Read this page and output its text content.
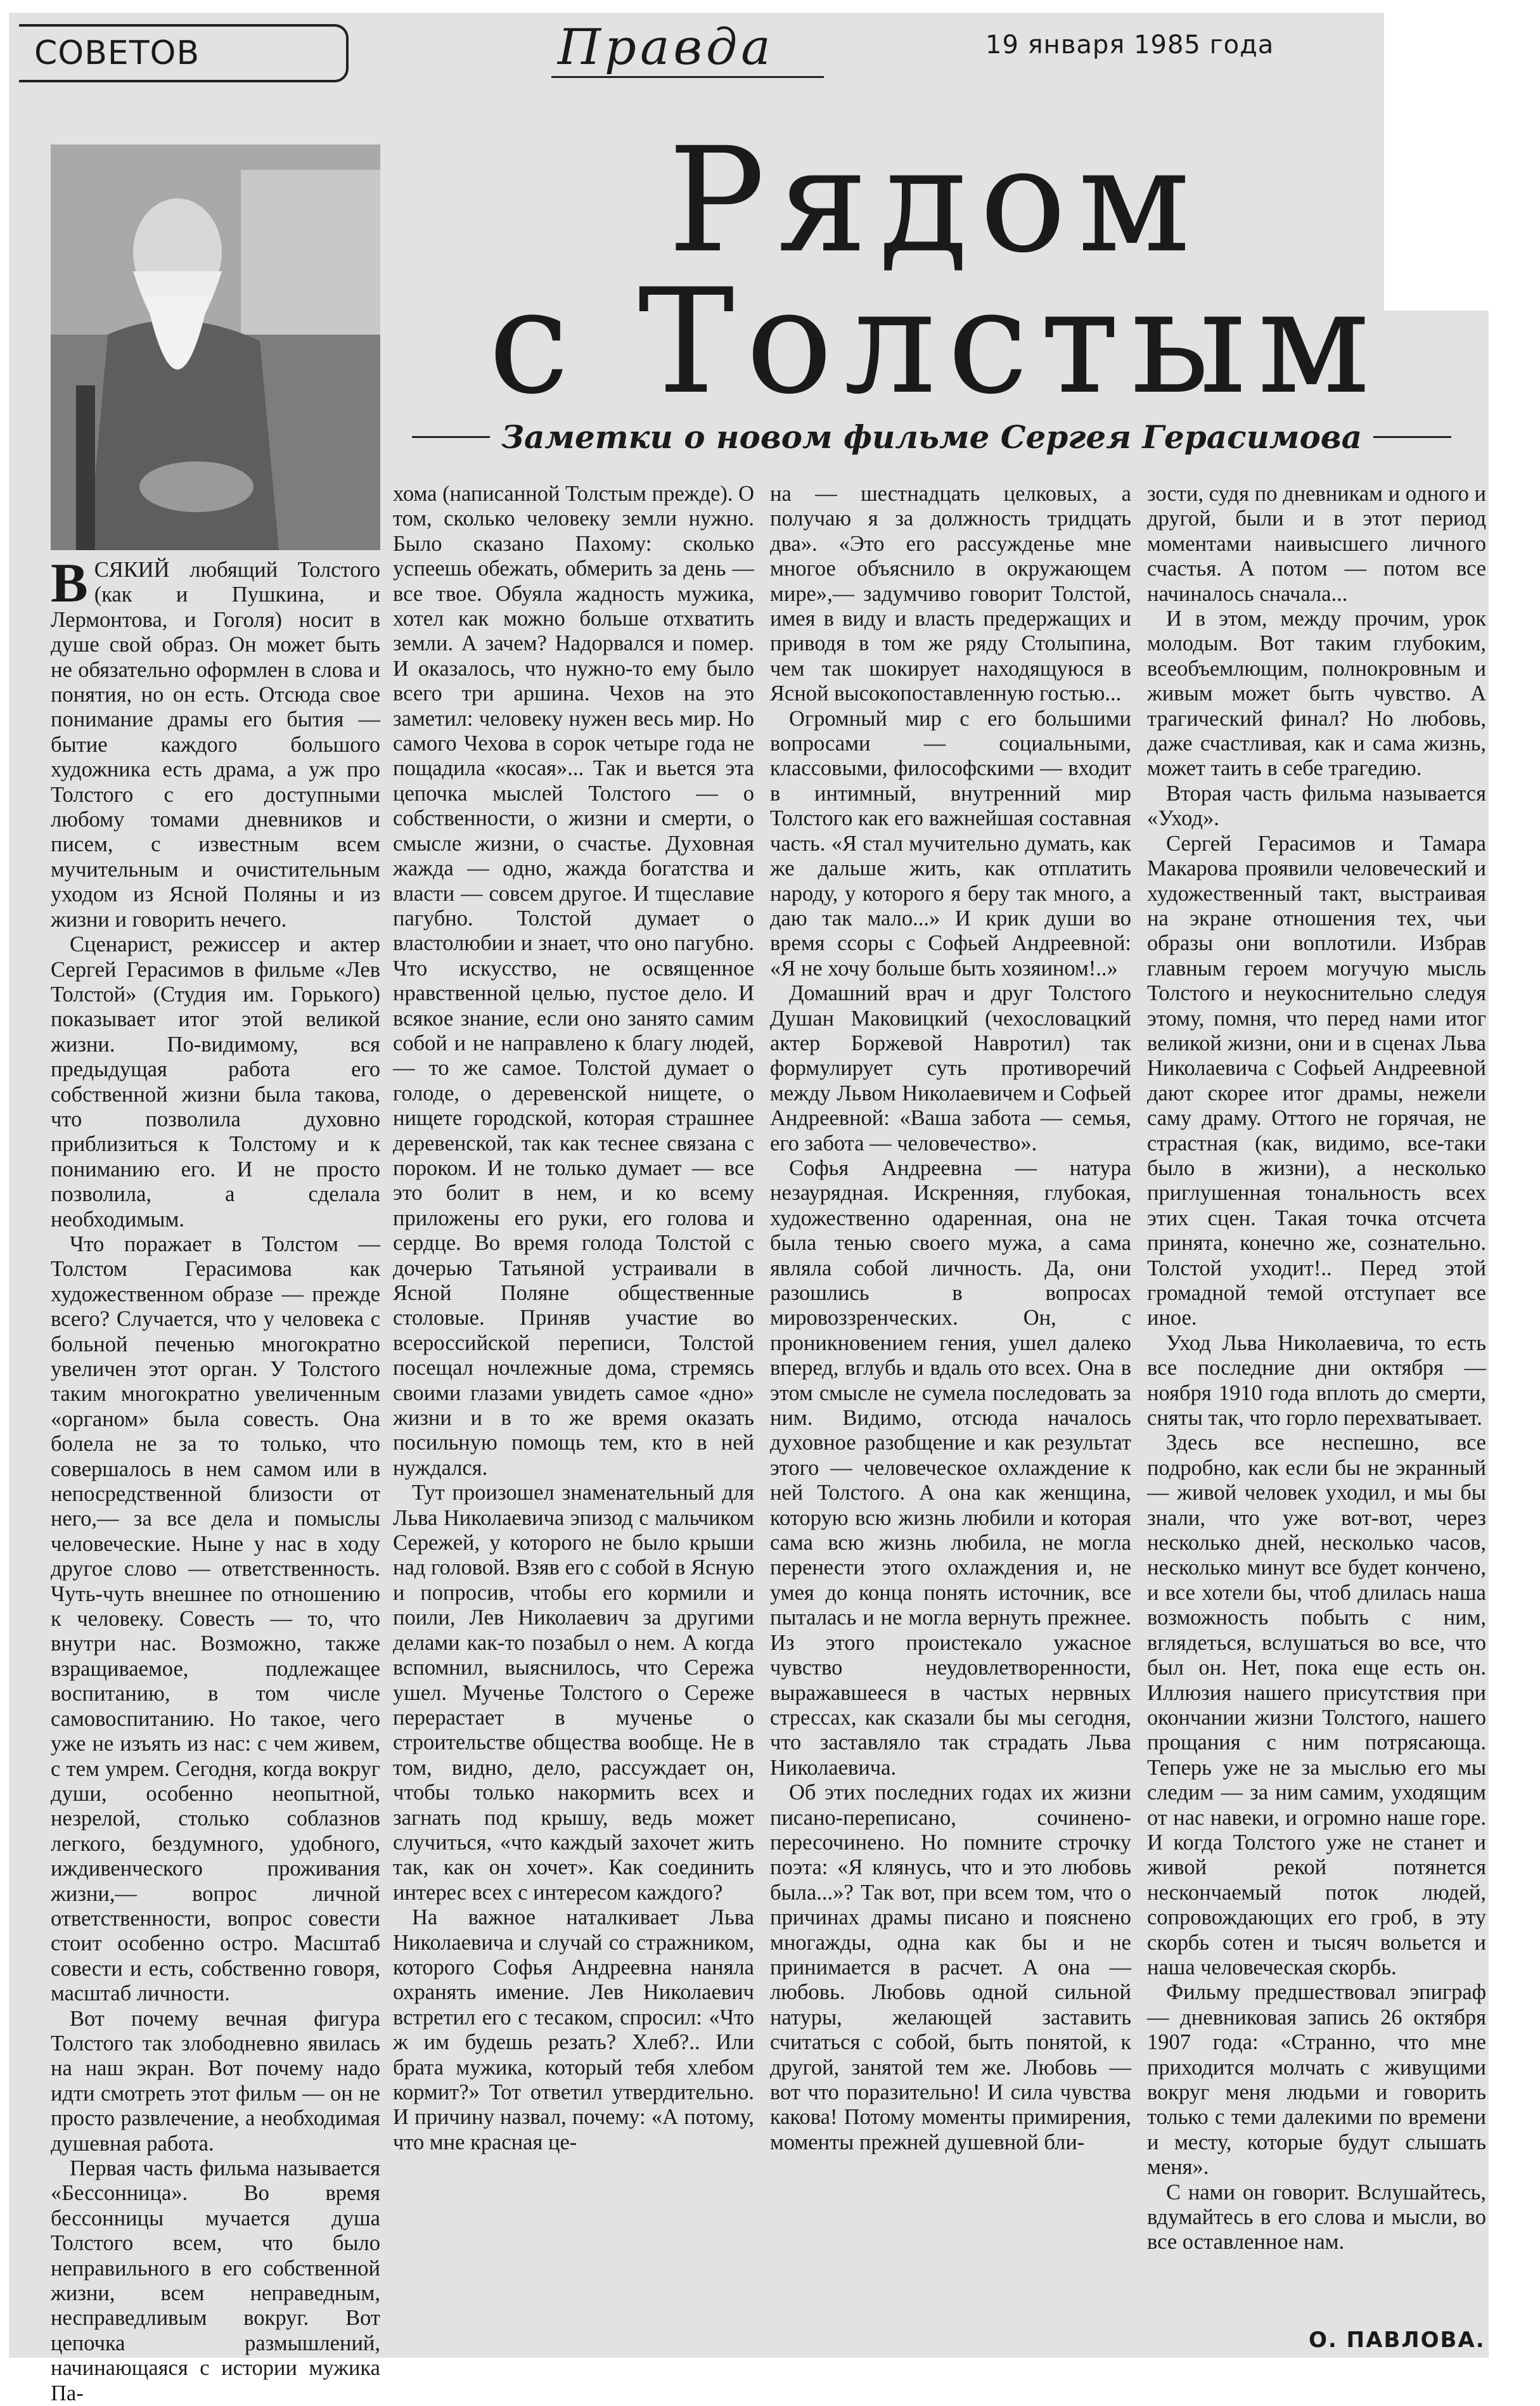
СОВЕТОВ	Правда	19 января 1985 года
Рядом
с Толстым
Заметки о новом фильме Сергея Герасимова

ВСЯКИЙ любящий Толстого (как и Пушкина, и Лермонтова, и Гоголя) носит в душе свой образ. Он может быть не обязательно оформлен в слова и понятия, но он есть. Отсюда свое понимание драмы его бытия — бытие каждого большого художника есть драма, а уж про Толстого с его доступными любому томами дневников и писем, с известным всем мучительным и очистительным уходом из Ясной Поляны и из жизни и говорить нечего.

Сценарист, режиссер и актер Сергей Герасимов в фильме «Лев Толстой» (Студия им. Горького) показывает итог этой великой жизни. По-видимому, вся предыдущая работа его собственной жизни была такова, что позволила духовно приблизиться к Толстому и к пониманию его. И не просто позволила, а сделала необходимым.

Что поражает в Толстом — Толстом Герасимова как художественном образе — прежде всего? Случается, что у человека с больной печенью многократно увеличен этот орган. У Толстого таким многократно увеличенным «органом» была совесть. Она болела не за то только, что совершалось в нем самом или в непосредственной близости от него,— за все дела и помыслы человеческие. Ныне у нас в ходу другое слово — ответственность. Чуть-чуть внешнее по отношению к человеку. Совесть — то, что внутри нас. Возможно, также взращиваемое, подлежащее воспитанию, в том числе самовоспитанию. Но такое, чего уже не изъять из нас: с чем живем, с тем умрем. Сегодня, когда вокруг души, особенно неопытной, незрелой, столько соблазнов легкого, бездумного, удобного, иждивенческого проживания жизни,— вопрос личной ответственности, вопрос совести стоит особенно остро. Масштаб совести и есть, собственно говоря, масштаб личности.

Вот почему вечная фигура Толстого так злободневно явилась на наш экран. Вот почему надо идти смотреть этот фильм — он не просто развлечение, а необходимая душевная работа.

Первая часть фильма называется «Бессонница». Во время бессонницы мучается душа Толстого всем, что было неправильного в его собственной жизни, всем неправедным, несправедливым вокруг. Вот цепочка размышлений, начинающаяся с истории мужика Па-

хома (написанной Толстым прежде). О том, сколько человеку земли нужно. Было сказано Пахому: сколько успеешь обежать, обмерить за день — все твое. Обуяла жадность мужика, хотел как можно больше отхватить земли. А зачем? Надорвался и помер. И оказалось, что нужно-то ему было всего три аршина. Чехов на это заметил: человеку нужен весь мир. Но самого Чехова в сорок четыре года не пощадила «косая»... Так и вьется эта цепочка мыслей Толстого — о собственности, о жизни и смерти, о смысле жизни, о счастье. Духовная жажда — одно, жажда богатства и власти — совсем другое. И тщеславие пагубно. Толстой думает о властолюбии и знает, что оно пагубно. Что искусство, не освященное нравственной целью, пустое дело. И всякое знание, если оно занято самим собой и не направлено к благу людей,— то же самое. Толстой думает о голоде, о деревенской нищете, о нищете городской, которая страшнее деревенской, так как теснее связана с пороком. И не только думает — все это болит в нем, и ко всему приложены его руки, его голова и сердце. Во время голода Толстой с дочерью Татьяной устраивали в Ясной Поляне общественные столовые. Приняв участие во всероссийской переписи, Толстой посещал ночлежные дома, стремясь своими глазами увидеть самое «дно» жизни и в то же время оказать посильную помощь тем, кто в ней нуждался.

Тут произошел знаменательный для Льва Николаевича эпизод с мальчиком Сережей, у которого не было крыши над головой. Взяв его с собой в Ясную и попросив, чтобы его кормили и поили, Лев Николаевич за другими делами как-то позабыл о нем. А когда вспомнил, выяснилось, что Сережа ушел. Мученье Толстого о Сереже перерастает в мученье о строительстве общества вообще. Не в том, видно, дело, рассуждает он, чтобы только накормить всех и загнать под крышу, ведь может случиться, «что каждый захочет жить так, как он хочет». Как соединить интерес всех с интересом каждого?

На важное наталкивает Льва Николаевича и случай со стражником, которого Софья Андреевна наняла охранять имение. Лев Николаевич встретил его с тесаком, спросил: «Что ж им будешь резать? Хлеб?.. Или брата мужика, который тебя хлебом кормит?» Тот ответил утвердительно. И причину назвал, почему: «А потому, что мне красная це-

на — шестнадцать целковых, а получаю я за должность тридцать два». «Это его рассужденье мне многое объяснило в окружающем мире»,— задумчиво говорит Толстой, имея в виду и власть предержащих и приводя в том же ряду Столыпина, чем так шокирует находящуюся в Ясной высокопоставленную гостью...

Огромный мир с его большими вопросами — социальными, классовыми, философскими — входит в интимный, внутренний мир Толстого как его важнейшая составная часть. «Я стал мучительно думать, как же дальше жить, как отплатить народу, у которого я беру так много, а даю так мало...» И крик души во время ссоры с Софьей Андреевной: «Я не хочу больше быть хозяином!..»

Домашний врач и друг Толстого Душан Маковицкий (чехословацкий актер Боржевой Навротил) так формулирует суть противоречий между Львом Николаевичем и Софьей Андреевной: «Ваша забота — семья, его забота — человечество».

Софья Андреевна — натура незаурядная. Искренняя, глубокая, художественно одаренная, она не была тенью своего мужа, а сама являла собой личность. Да, они разошлись в вопросах мировоззренческих. Он, с проникновением гения, ушел далеко вперед, вглубь и вдаль ото всех. Она в этом смысле не сумела последовать за ним. Видимо, отсюда началось духовное разобщение и как результат этого — человеческое охлаждение к ней Толстого. А она как женщина, которую всю жизнь любили и которая сама всю жизнь любила, не могла перенести этого охлаждения и, не умея до конца понять источник, все пыталась и не могла вернуть прежнее. Из этого проистекало ужасное чувство неудовлетворенности, выражавшееся в частых нервных стрессах, как сказали бы мы сегодня, что заставляло так страдать Льва Николаевича.

Об этих последних годах их жизни писано-переписано, сочинено-пересочинено. Но помните строчку поэта: «Я клянусь, что и это любовь была...»? Так вот, при всем том, что о причинах драмы писано и пояснено многажды, одна как бы и не принимается в расчет. А она — любовь. Любовь одной сильной натуры, желающей заставить считаться с собой, быть понятой, к другой, занятой тем же. Любовь — вот что поразительно! И сила чувства какова! Потому моменты примирения, моменты прежней душевной бли-

зости, судя по дневникам и одного и другой, были и в этот период моментами наивысшего личного счастья. А потом — потом все начиналось сначала...

И в этом, между прочим, урок молодым. Вот таким глубоким, всеобъемлющим, полнокровным и живым может быть чувство. А трагический финал? Но любовь, даже счастливая, как и сама жизнь, может таить в себе трагедию.

Вторая часть фильма называется «Уход».

Сергей Герасимов и Тамара Макарова проявили человеческий и художественный такт, выстраивая на экране отношения тех, чьи образы они воплотили. Избрав главным героем могучую мысль Толстого и неукоснительно следуя этому, помня, что перед нами итог великой жизни, они и в сценах Льва Николаевича с Софьей Андреевной дают скорее итог драмы, нежели саму драму. Оттого не горячая, не страстная (как, видимо, все-таки было в жизни), а несколько приглушенная тональность всех этих сцен. Такая точка отсчета принята, конечно же, сознательно. Толстой уходит!.. Перед этой громадной темой отступает все иное.

Уход Льва Николаевича, то есть все последние дни октября — ноября 1910 года вплоть до смерти, сняты так, что горло перехватывает.

Здесь все неспешно, все подробно, как если бы не экранный — живой человек уходил, и мы бы знали, что уже вот-вот, через несколько дней, несколько часов, несколько минут все будет кончено, и все хотели бы, чтоб длилась наша возможность побыть с ним, вглядеться, вслушаться во все, что был он. Нет, пока еще есть он. Иллюзия нашего присутствия при окончании жизни Толстого, нашего прощания с ним потрясающа. Теперь уже не за мыслью его мы следим — за ним самим, уходящим от нас навеки, и огромно наше горе. И когда Толстого уже не станет и живой рекой потянется нескончаемый поток людей, сопровождающих его гроб, в эту скорбь сотен и тысяч вольется и наша человеческая скорбь.

Фильму предшествовал эпиграф — дневниковая запись 26 октября 1907 года: «Странно, что мне приходится молчать с живущими вокруг меня людьми и говорить только с теми далекими по времени и месту, которые будут слышать меня».

С нами он говорит. Вслушайтесь, вдумайтесь в его слова и мысли, во все оставленное нам.

О. ПАВЛОВА.
